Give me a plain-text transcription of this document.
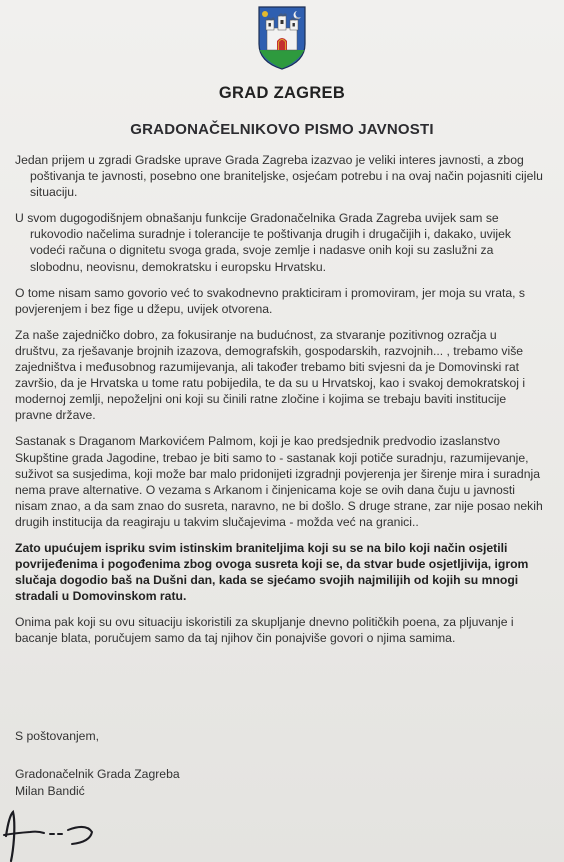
GRAD ZAGREB
GRADONAČELNIKOVO PISMO JAVNOSTI

Jedan prijem u zgradi Gradske uprave Grada Zagreba izazvao je veliki interes javnosti, a zbog poštivanja te javnosti, posebno one braniteljske, osjećam potrebu i na ovaj način pojasniti cijelu situaciju.

U svom dugogodišnjem obnašanju funkcije Gradonačelnika Grada Zagreba uvijek sam se rukovodio načelima suradnje i tolerancije te poštivanja drugih i drugačijih i, dakako, uvijek vodeći računa o dignitetu svoga grada, svoje zemlje i nadasve onih koji su zaslužni za slobodnu, neovisnu, demokratsku i europsku Hrvatsku.

O tome nisam samo govorio već to svakodnevno prakticiram i promoviram, jer moja su vrata, s povjerenjem i bez fige u džepu, uvijek otvorena.

Za naše zajedničko dobro, za fokusiranje na budućnost, za stvaranje pozitivnog ozračja u društvu, za rješavanje brojnih izazova, demografskih, gospodarskih, razvojnih... , trebamo više zajedništva i međusobnog razumijevanja, ali također trebamo biti svjesni da je Domovinski rat završio, da je Hrvatska u tome ratu pobijedila, te da su u Hrvatskoj, kao i svakoj demokratskoj i modernoj zemlji, nepoželjni oni koji su činili ratne zločine i kojima se trebaju baviti institucije pravne države.

Sastanak s Draganom Markovićem Palmom, koji je kao predsjednik predvodio izaslanstvo Skupštine grada Jagodine, trebao je biti samo to - sastanak koji potiče suradnju, razumijevanje, suživot sa susjedima, koji može bar malo pridonijeti izgradnji povjerenja jer širenje mira i suradnja nema prave alternative. O vezama s Arkanom i činjenicama koje se ovih dana čuju u javnosti nisam znao, a da sam znao do susreta, naravno, ne bi došlo. S druge strane, zar nije posao nekih drugih institucija da reagiraju u takvim slučajevima - možda već na granici..

Zato upućujem ispriku svim istinskim braniteljima koji su se na bilo koji način osjetili povrijeđenima i pogođenima zbog ovoga susreta koji se, da stvar bude osjetljivija, igrom slučaja dogodio baš na Dušni dan, kada se sjećamo svojih najmilijih od kojih su mnogi stradali u Domovinskom ratu.

Onima pak koji su ovu situaciju iskoristili za skupljanje dnevno političkih poena, za pljuvanje i bacanje blata, poručujem samo da taj njihov čin ponajviše govori o njima samima.

S poštovanjem,
Gradonačelnik Grada Zagreba
Milan Bandić
